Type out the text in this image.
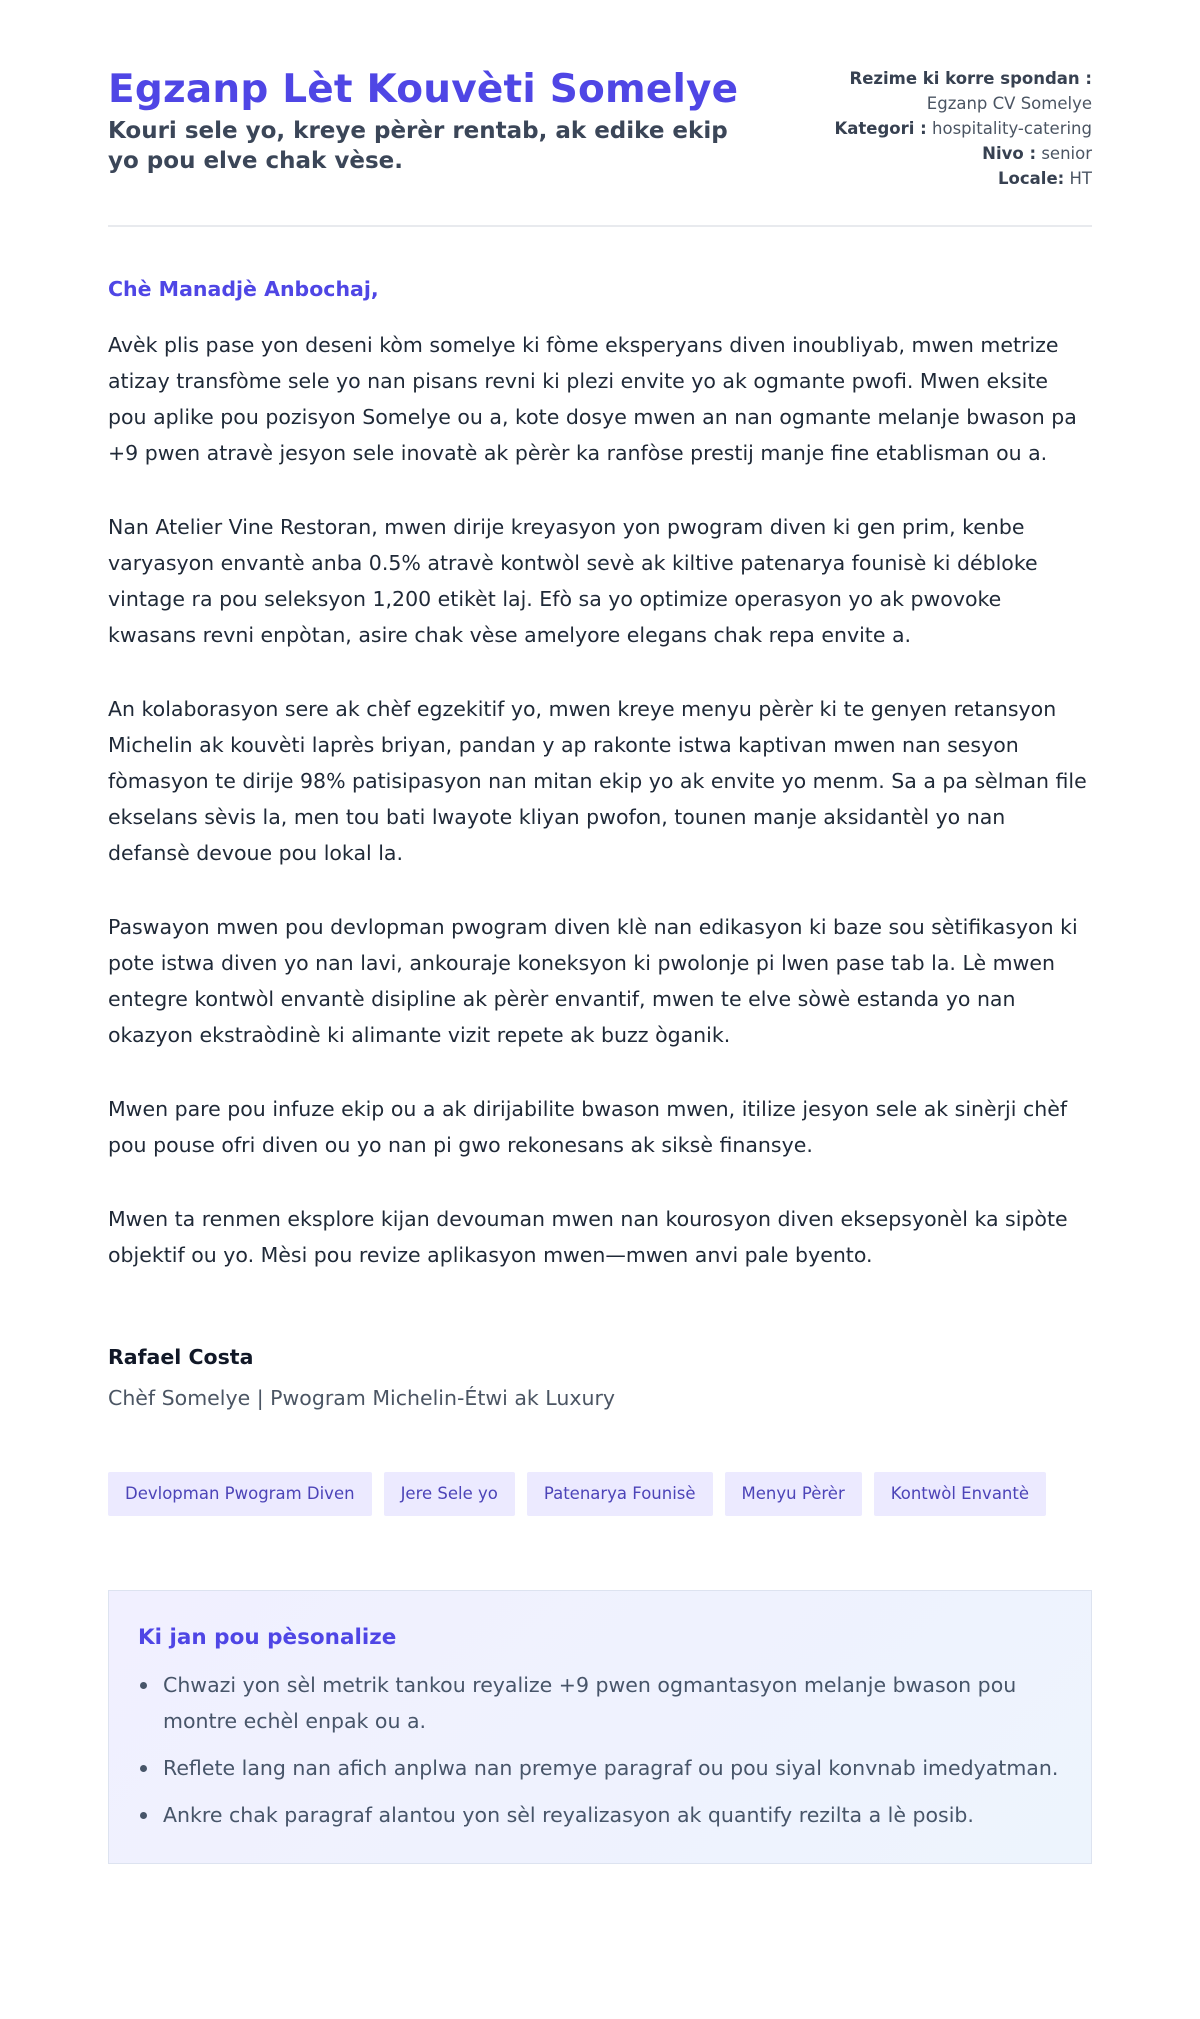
Egzanp Lèt Kouvèti Somelye
Kouri sele yo, kreye pèrèr rentab, ak edike ekip yo pou elve chak vèse.
Rezime ki korre spondan :
Egzanp CV Somelye
Kategori : hospitality-catering
Nivo : senior
Locale: HT

Chè Manadjè Anbochaj,

Avèk plis pase yon deseni kòm somelye ki fòme eksperyans diven inoubliyab, mwen metrize atizay transfòme sele yo nan pisans revni ki plezi envite yo ak ogmante pwofi. Mwen eksite pou aplike pou pozisyon Somelye ou a, kote dosye mwen an nan ogmante melanje bwason pa +9 pwen atravè jesyon sele inovatè ak pèrèr ka ranfòse prestij manje fine etablisman ou a.

Nan Atelier Vine Restoran, mwen dirije kreyasyon yon pwogram diven ki gen prim, kenbe varyasyon envantè anba 0.5% atravè kontwòl sevè ak kiltive patenarya founisè ki débloke vintage ra pou seleksyon 1,200 etikèt laj. Efò sa yo optimize operasyon yo ak pwovoke kwasans revni enpòtan, asire chak vèse amelyore elegans chak repa envite a.

An kolaborasyon sere ak chèf egzekitif yo, mwen kreye menyu pèrèr ki te genyen retansyon Michelin ak kouvèti laprès briyan, pandan y ap rakonte istwa kaptivan mwen nan sesyon fòmasyon te dirije 98% patisipasyon nan mitan ekip yo ak envite yo menm. Sa a pa sèlman file ekselans sèvis la, men tou bati lwayote kliyan pwofon, tounen manje aksidantèl yo nan defansè devoue pou lokal la.

Paswayon mwen pou devlopman pwogram diven klè nan edikasyon ki baze sou sètifikasyon ki pote istwa diven yo nan lavi, ankouraje koneksyon ki pwolonje pi lwen pase tab la. Lè mwen entegre kontwòl envantè disipline ak pèrèr envantif, mwen te elve sòwè estanda yo nan okazyon ekstraòdinè ki alimante vizit repete ak buzz òganik.

Mwen pare pou infuze ekip ou a ak dirijabilite bwason mwen, itilize jesyon sele ak sinèrji chèf pou pouse ofri diven ou yo nan pi gwo rekonesans ak siksè finansye.

Mwen ta renmen eksplore kijan devouman mwen nan kourosyon diven eksepsyonèl ka sipòte objektif ou yo. Mèsi pou revize aplikasyon mwen—mwen anvi pale byento.

Rafael Costa

Chèf Somelye | Pwogram Michelin-Étwi ak Luxury

Devlopman Pwogram Diven	Jere Sele yo	Patenarya Founisè	Menyu Pèrèr	Kontwòl Envantè
Ki jan pou pèsonalize
Chwazi yon sèl metrik tankou reyalize +9 pwen ogmantasyon melanje bwason pou montre echèl enpak ou a.
Reflete lang nan afich anplwa nan premye paragraf ou pou siyal konvnab imedyatman.
Ankre chak paragraf alantou yon sèl reyalizasyon ak quantify rezilta a lè posib.
